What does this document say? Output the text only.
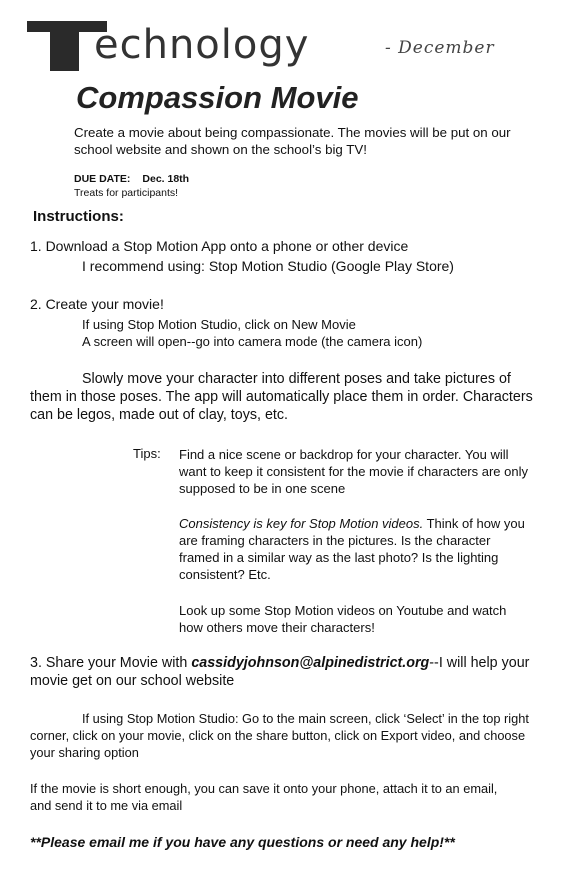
echnology	- December
Compassion Movie
Create a movie about being compassionate. The movies will be put on our school website and shown on the school’s big TV!
DUE DATE: Dec. 18th
Treats for participants!
Instructions:
1. Download a Stop Motion App onto a phone or other device
I recommend using: Stop Motion Studio (Google Play Store)
2. Create your movie!
If using Stop Motion Studio, click on New Movie
A screen will open--go into camera mode (the camera icon)
Slowly move your character into different poses and take pictures of them in those poses. The app will automatically place them in order. Characters can be legos, made out of clay, toys, etc.
Tips: Find a nice scene or backdrop for your character. You will want to keep it consistent for the movie if characters are only supposed to be in one scene
Consistency is key for Stop Motion videos. Think of how you are framing characters in the pictures. Is the character framed in a similar way as the last photo? Is the lighting consistent? Etc.
Look up some Stop Motion videos on Youtube and watch how others move their characters!
3. Share your Movie with cassidyjohnson@alpinedistrict.org--I will help your movie get on our school website
If using Stop Motion Studio: Go to the main screen, click ‘Select’ in the top right corner, click on your movie, click on the share button, click on Export video, and choose your sharing option
If the movie is short enough, you can save it onto your phone, attach it to an email, and send it to me via email
**Please email me if you have any questions or need any help!**
